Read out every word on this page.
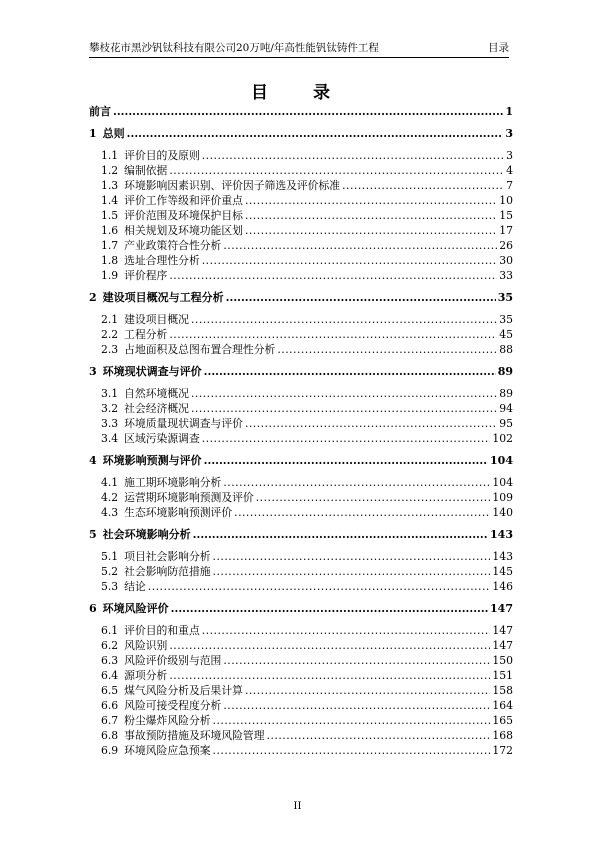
攀枝花市黑沙钒钛科技有限公司20万吨/年高性能钒钛铸件工程	目录
目　录
前言 .....	1
1 总则 .....	3
1.1 评价目的及原则 .....	3
1.2 编制依据 .....	4
1.3 环境影响因素识别、评价因子筛选及评价标准 .....	7
1.4 评价工作等级和评价重点 .....	10
1.5 评价范围及环境保护目标 .....	15
1.6 相关规划及环境功能区划 .....	17
1.7 产业政策符合性分析 .....	26
1.8 选址合理性分析 .....	30
1.9 评价程序 .....	33
2 建设项目概况与工程分析 .....	35
2.1 建设项目概况 .....	35
2.2 工程分析 .....	45
2.3 占地面积及总图布置合理性分析 .....	88
3 环境现状调查与评价 .....	89
3.1 自然环境概况 .....	89
3.2 社会经济概况 .....	94
3.3 环境质量现状调查与评价 .....	95
3.4 区域污染源调查 .....	102
4 环境影响预测与评价 .....	104
4.1 施工期环境影响分析 .....	104
4.2 运营期环境影响预测及评价 .....	109
4.3 生态环境影响预测评价 .....	140
5 社会环境影响分析 .....	143
5.1 项目社会影响分析 .....	143
5.2 社会影响防范措施 .....	145
5.3 结论 .....	146
6 环境风险评价 .....	147
6.1 评价目的和重点 .....	147
6.2 风险识别 .....	147
6.3 风险评价级别与范围 .....	150
6.4 源项分析 .....	151
6.5 煤气风险分析及后果计算 .....	158
6.6 风险可接受程度分析 .....	164
6.7 粉尘爆炸风险分析 .....	165
6.8 事故预防措施及环境风险管理 .....	168
6.9 环境风险应急预案 .....	172
II
